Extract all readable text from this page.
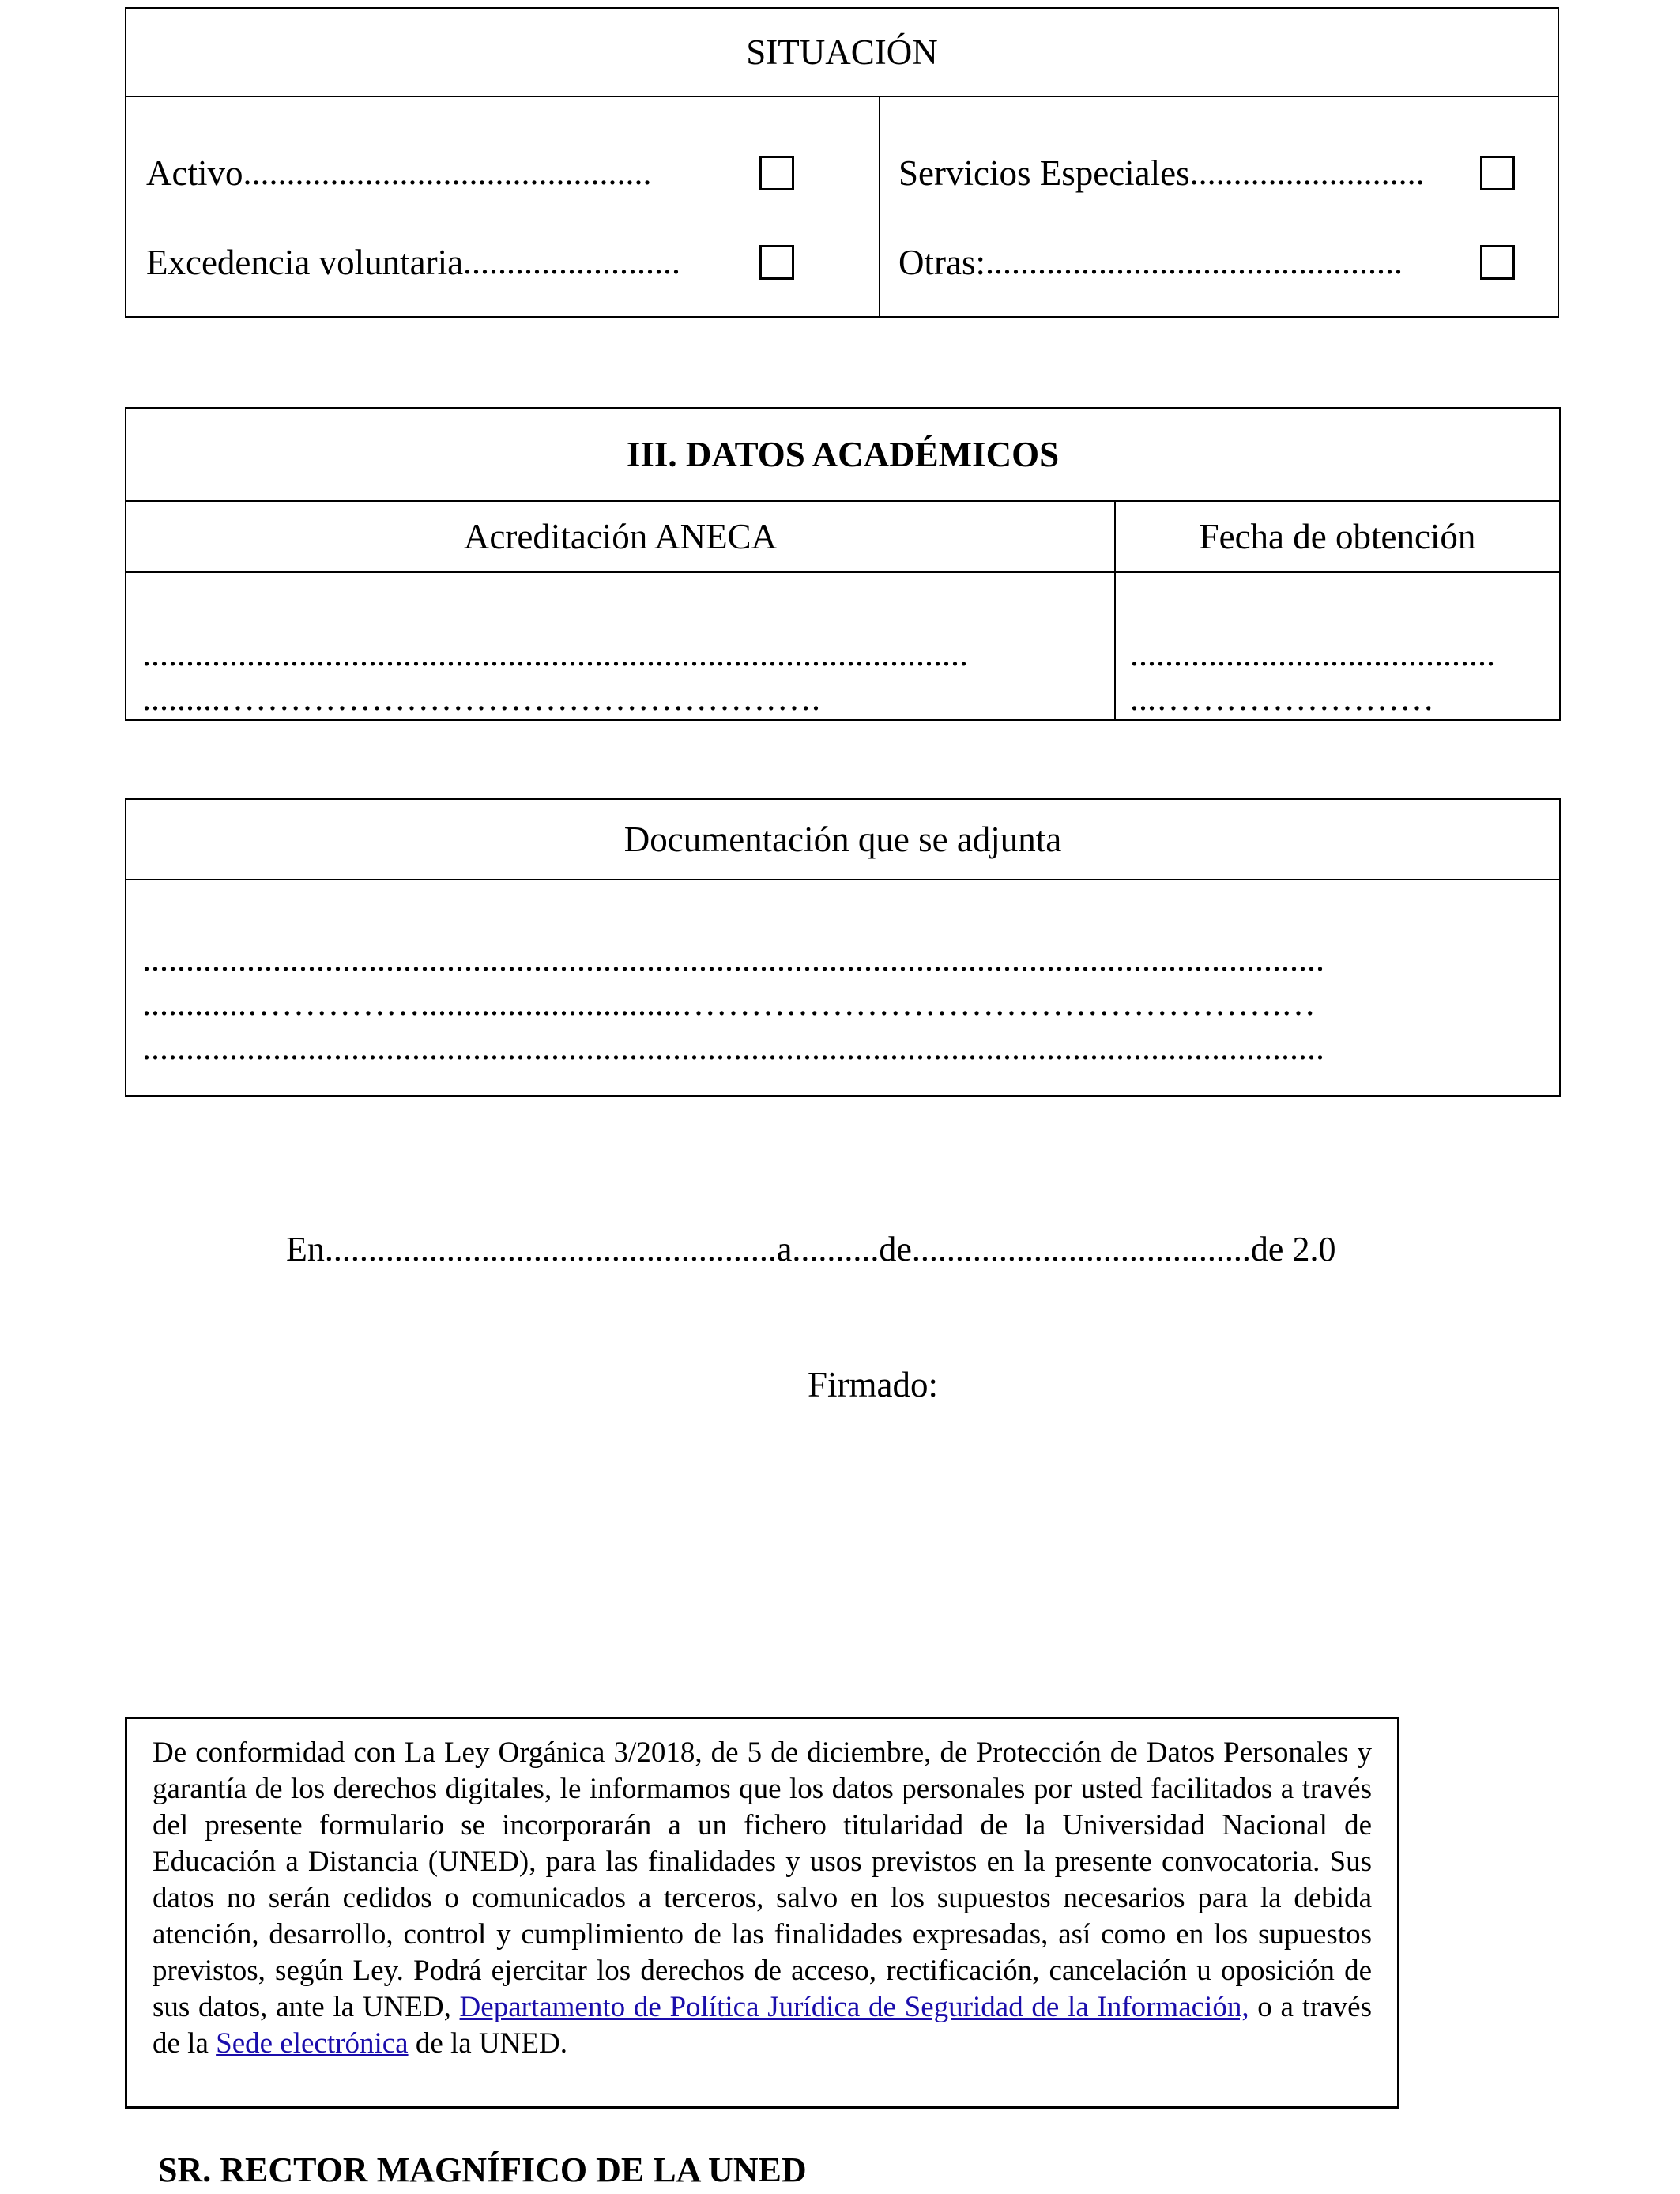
SITUACIÓN
Activo ...............................................
Excedencia voluntaria .........................
Servicios Especiales ...........................
Otras: ................................................
III. DATOS ACADÉMICOS
Acreditación ANECA	Fecha de obtención
...............................................................................................
.........…………………………………………….
..........................................
...……………………
Documentación que se adjunta
........................................................................................................................................
............……………..............................…………………………………………….…
........................................................................................................................................
En....................................................a..........de.......................................de 2.0
Firmado:
De conformidad con La Ley Orgánica 3/2018, de 5 de diciembre, de Protección de Datos Personales y garantía de los derechos digitales, le informamos que los datos personales por usted facilitados a través del presente formulario se incorporarán a un fichero titularidad de la Universidad Nacional de Educación a Distancia (UNED), para las finalidades y usos previstos en la presente convocatoria. Sus datos no serán cedidos o comunicados a terceros, salvo en los supuestos necesarios para la debida atención, desarrollo, control y cumplimiento de las finalidades expresadas, así como en los supuestos previstos, según Ley. Podrá ejercitar los derechos de acceso, rectificación, cancelación u oposición de sus datos, ante la UNED, Departamento de Política Jurídica de Seguridad de la Información, o a través de la Sede electrónica de la UNED.
SR. RECTOR MAGNÍFICO DE LA UNED
